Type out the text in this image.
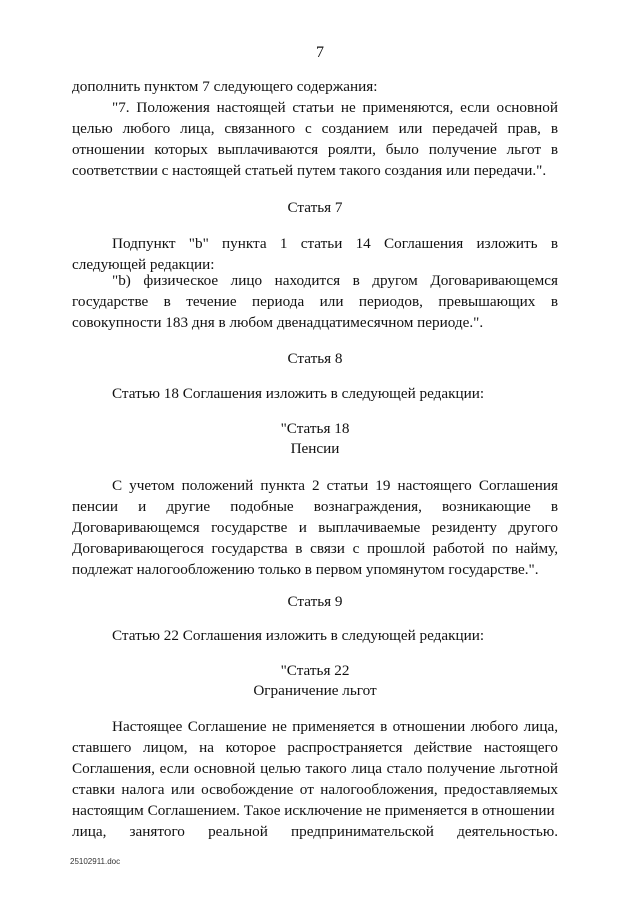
7

дополнить пунктом 7 следующего содержания:

"7. Положения настоящей статьи не применяются, если основной целью любого лица, связанного с созданием или передачей прав, в отношении которых выплачиваются роялти, было получение льгот в соответствии с настоящей статьей путем такого создания или передачи.".

Статья 7

Подпункт "b" пункта 1 статьи 14 Соглашения изложить в следующей редакции:

"b) физическое лицо находится в другом Договаривающемся государстве в течение периода или периодов, превышающих в совокупности 183 дня в любом двенадцатимесячном периоде.".

Статья 8

Статью 18 Соглашения изложить в следующей редакции:

"Статья 18
Пенсии

С учетом положений пункта 2 статьи 19 настоящего Соглашения пенсии и другие подобные вознаграждения, возникающие в Договаривающемся государстве и выплачиваемые резиденту другого Договаривающегося государства в связи с прошлой работой по найму, подлежат налогообложению только в первом упомянутом государстве.".

Статья 9

Статью 22 Соглашения изложить в следующей редакции:

"Статья 22
Ограничение льгот

Настоящее Соглашение не применяется в отношении любого лица, ставшего лицом, на которое распространяется действие настоящего Соглашения, если основной целью такого лица стало получение льготной ставки налога или освобождение от налогообложения, предоставляемых настоящим Соглашением. Такое исключение не применяется в отношении

лица, занятого реальной предпринимательской деятельностью.

25102911.doc
